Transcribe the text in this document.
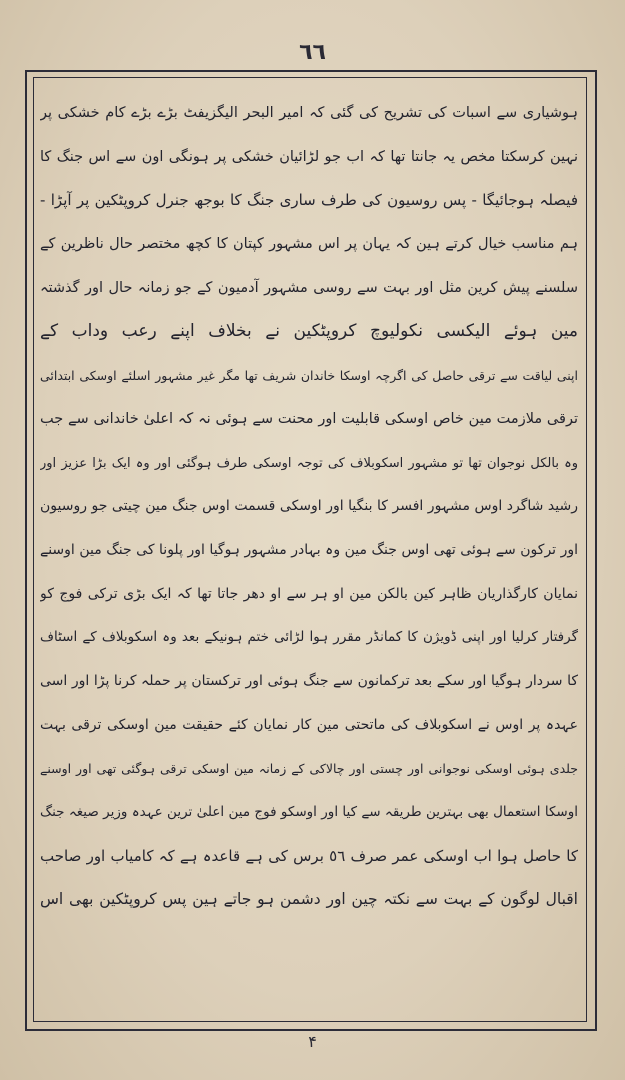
٦٦
ہوشیاری سے اسبات کی تشریح کی گئی کہ امیر البحر الیگزیفٹ بڑے بڑے کام خشکی پر
نہین کرسکتا مخص یہ جانتا تھا کہ اب جو لڑائیان خشکی پر ہونگی اون سے اس جنگ کا
فیصلہ ہوجائیگا - پس روسیون کی طرف ساری جنگ کا بوجھ جنرل کروپٹکین پر آپڑا -
ہم مناسب خیال کرتے ہین کہ یہان پر اس مشہور کپتان کا کچھ مختصر حال ناظرین کے
سلسنے پیش کرین مثل اور بہت سے روسی مشہور آدمیون کے جو زمانہ حال اور گذشتہ
مین ہوئے الیکسی نکولیوچ کروپٹکین نے بخلاف اپنے رعب وداب کے
اپنی لیاقت سے ترقی حاصل کی اگرچہ اوسکا خاندان شریف تھا مگر غیر مشہور اسلئے اوسکی ابتدائی
ترقی ملازمت مین خاص اوسکی قابلیت اور محنت سے ہوئی نہ کہ اعلیٰ خاندانی سے جب
وہ بالکل نوجوان تھا تو مشہور اسکوبلاف کی توجہ اوسکی طرف ہوگئی اور وہ ایک بڑا عزیز اور
رشید شاگرد اوس مشہور افسر کا بنگیا اور اوسکی قسمت اوس جنگ مین چیتی جو روسیون
اور ترکون سے ہوئی تھی اوس جنگ مین وہ بہادر مشہور ہوگیا اور پلونا کی جنگ مین اوسنے
نمایان کارگذاریان ظاہر کین بالکن مین او ہر سے او دھر جاتا تھا کہ ایک بڑی ترکی فوج کو
گرفتار کرلیا اور اپنی ڈویژن کا کمانڈر مقرر ہوا لڑائی ختم ہونیکے بعد وہ اسکوبلاف کے اسٹاف
کا سردار ہوگیا اور سکے بعد ترکمانون سے جنگ ہوئی اور ترکستان پر حملہ کرنا پڑا اور اسی
عہدہ پر اوس نے اسکوبلاف کی ماتحتی مین کار نمایان کئے حقیقت مین اوسکی ترقی بہت
جلدی ہوئی اوسکی نوجوانی اور چستی اور چالاکی کے زمانہ مین اوسکی ترقی ہوگئی تھی اور اوسنے
اوسکا استعمال بھی بہترین طریقہ سے کیا اور اوسکو فوج مین اعلیٰ ترین عہدہ وزیر صیغہ جنگ
کا حاصل ہوا اب اوسکی عمر صرف ٥٦ برس کی ہے قاعدہ ہے کہ کامیاب اور صاحب
اقبال لوگون کے بہت سے نکتہ چین اور دشمن ہو جاتے ہین پس کروپٹکین بھی اس
۴
